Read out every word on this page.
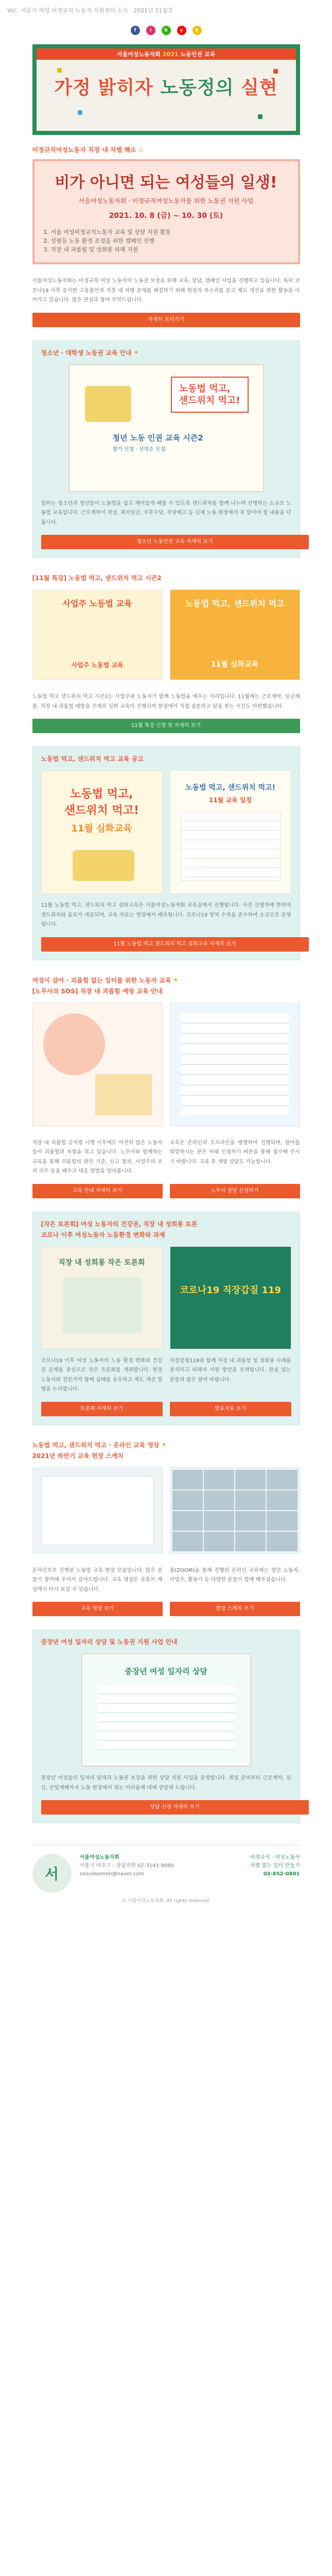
Vol. 서울시 여성 비정규직 노동자 지원센터 소식 · 2021년 11월호
f	i	b	y	k
서울여성노동자회 2021 노동인권 교육
가정 밝히자 노동정의 실현
비정규직여성노동자 직장 내 차별 해소 ⚠
비가 아니면 되는 여성들의 일생!
서울여성노동자회 · 비정규직여성노동자를 위한 노동권 지원 사업
2021. 10. 8 (금) ~ 10. 30 (토)
1. 서울 여성비정규직노동자 교육 및 상담 지원 활동
2. 성평등 노동 환경 조성을 위한 캠페인 진행
3. 직장 내 괴롭힘 및 성희롱 피해 지원
서울여성노동자회는 비정규직 여성 노동자의 노동권 보장을 위해 교육, 상담, 캠페인 사업을 진행하고 있습니다. 특히 코로나19 이후 증가한 고용불안과 직장 내 차별 문제를 해결하기 위해 현장의 목소리를 듣고 제도 개선을 위한 활동을 이어가고 있습니다. 많은 관심과 참여 부탁드립니다.
자세히 보러가기
청소년 · 대학생 노동권 교육 안내 ✦
노동법 먹고,
샌드위치 먹고!
청년 노동 인권 교육 시즌2
참가 신청 · 선착순 모집
일하는 청소년과 청년들이 노동법을 쉽고 재미있게 배울 수 있도록 샌드위치를 함께 나누며 진행하는 소규모 노동법 교육입니다. 근로계약서 작성, 최저임금, 주휴수당, 부당해고 등 실제 노동 현장에서 꼭 알아야 할 내용을 다룹니다.
청소년 노동인권 교육 자세히 보기
[11월 특강] 노동법 먹고, 샌드위치 먹고 시즌2
사업주 노동법 교육
사업주 노동법 교육
노동법 먹고, 샌드위치 먹고
11월 심화교육
노동법 먹고 샌드위치 먹고 시즌2는 사업주와 노동자가 함께 노동법을 배우는 자리입니다. 11월에는 근로계약, 임금체불, 직장 내 괴롭힘 예방을 주제로 심화 교육이 진행되며 현장에서 직접 질문하고 답을 찾는 시간도 마련했습니다.
11월 특강 신청 및 자세히 보기
노동법 먹고, 샌드위치 먹고 교육 공고
노동법 먹고,
샌드위치 먹고!
11월 심화교육
노동법 먹고, 샌드위치 먹고!
11월 교육 일정
11월 노동법 먹고, 샌드위치 먹고 심화교육은 서울여성노동자회 교육실에서 진행됩니다. 사전 신청자에 한하여 샌드위치와 음료가 제공되며, 교육 자료는 현장에서 배부됩니다. 코로나19 방역 수칙을 준수하여 소규모로 운영됩니다.
11월 노동법 먹고 샌드위치 먹고 심화교육 자세히 보기
여성이 살아 · 괴롭힘 없는 일터를 위한 노동자 교육 ✦
[노무사의 SOS] 직장 내 괴롭힘 예방 교육 안내
직장 내 괴롭힘 금지법 시행 이후에도 여전히 많은 노동자들이 괴롭힘과 차별을 겪고 있습니다. 노무사와 함께하는 교육을 통해 괴롭힘의 판단 기준, 신고 절차, 사업주의 조치 의무 등을 배우고 대응 방법을 알아봅니다.
교육은 온라인과 오프라인을 병행하여 진행되며, 참여를 희망하시는 분은 아래 신청하기 버튼을 통해 접수해 주시기 바랍니다. 교육 후 개별 상담도 가능합니다.
교육 안내 자세히 보기	노무사 상담 신청하기
[작은 토론회] 여성 노동자의 건강권, 직장 내 성희롱 토론
코로나 이후 여성노동자 노동환경 변화와 과제
직장 내 성희롱 작은 토론회
코로나19 직장갑질 119
코로나19 이후 여성 노동자의 노동 환경 변화와 건강권 문제를 중심으로 작은 토론회를 개최합니다. 현장 노동자와 전문가가 함께 실태를 공유하고 제도 개선 방향을 논의합니다.
직장갑질119와 함께 직장 내 괴롭힘 및 성희롱 사례를 분석하고 피해자 지원 방안을 모색합니다. 관심 있는 분들의 많은 참여 바랍니다.
토론회 자세히 보기	발표자료 보기
노동법 먹고, 샌드위치 먹고 · 온라인 교육 영상 ✦
2021년 하반기 교육 현장 스케치
온라인으로 진행된 노동법 교육 현장 모습입니다. 많은 분들이 참여해 주셔서 감사드립니다. 교육 영상은 유튜브 채널에서 다시 보실 수 있습니다.
줌(ZOOM)을 통해 진행된 온라인 교육에는 청년 노동자, 사업주, 활동가 등 다양한 분들이 함께 해주셨습니다.
교육 영상 보기	현장 스케치 보기
중장년 여성 일자리 상담 및 노동권 지원 사업 안내
중장년 여성 일자리 상담
중장년 여성들의 일자리 탐색과 노동권 보장을 위한 상담 지원 사업을 운영합니다. 취업 준비부터 근로계약, 임금, 산업재해까지 노동 현장에서 겪는 어려움에 대해 상담해 드립니다.
상담 신청 자세히 보기
서
서울여성노동자회
서울시 마포구 · 상담전화 02-3141-9090
seoulwomen@naver.com
비정규직 · 여성노동자
차별 없는 일터 만들기
02-852-0801
© 서울여성노동자회. All rights reserved.
